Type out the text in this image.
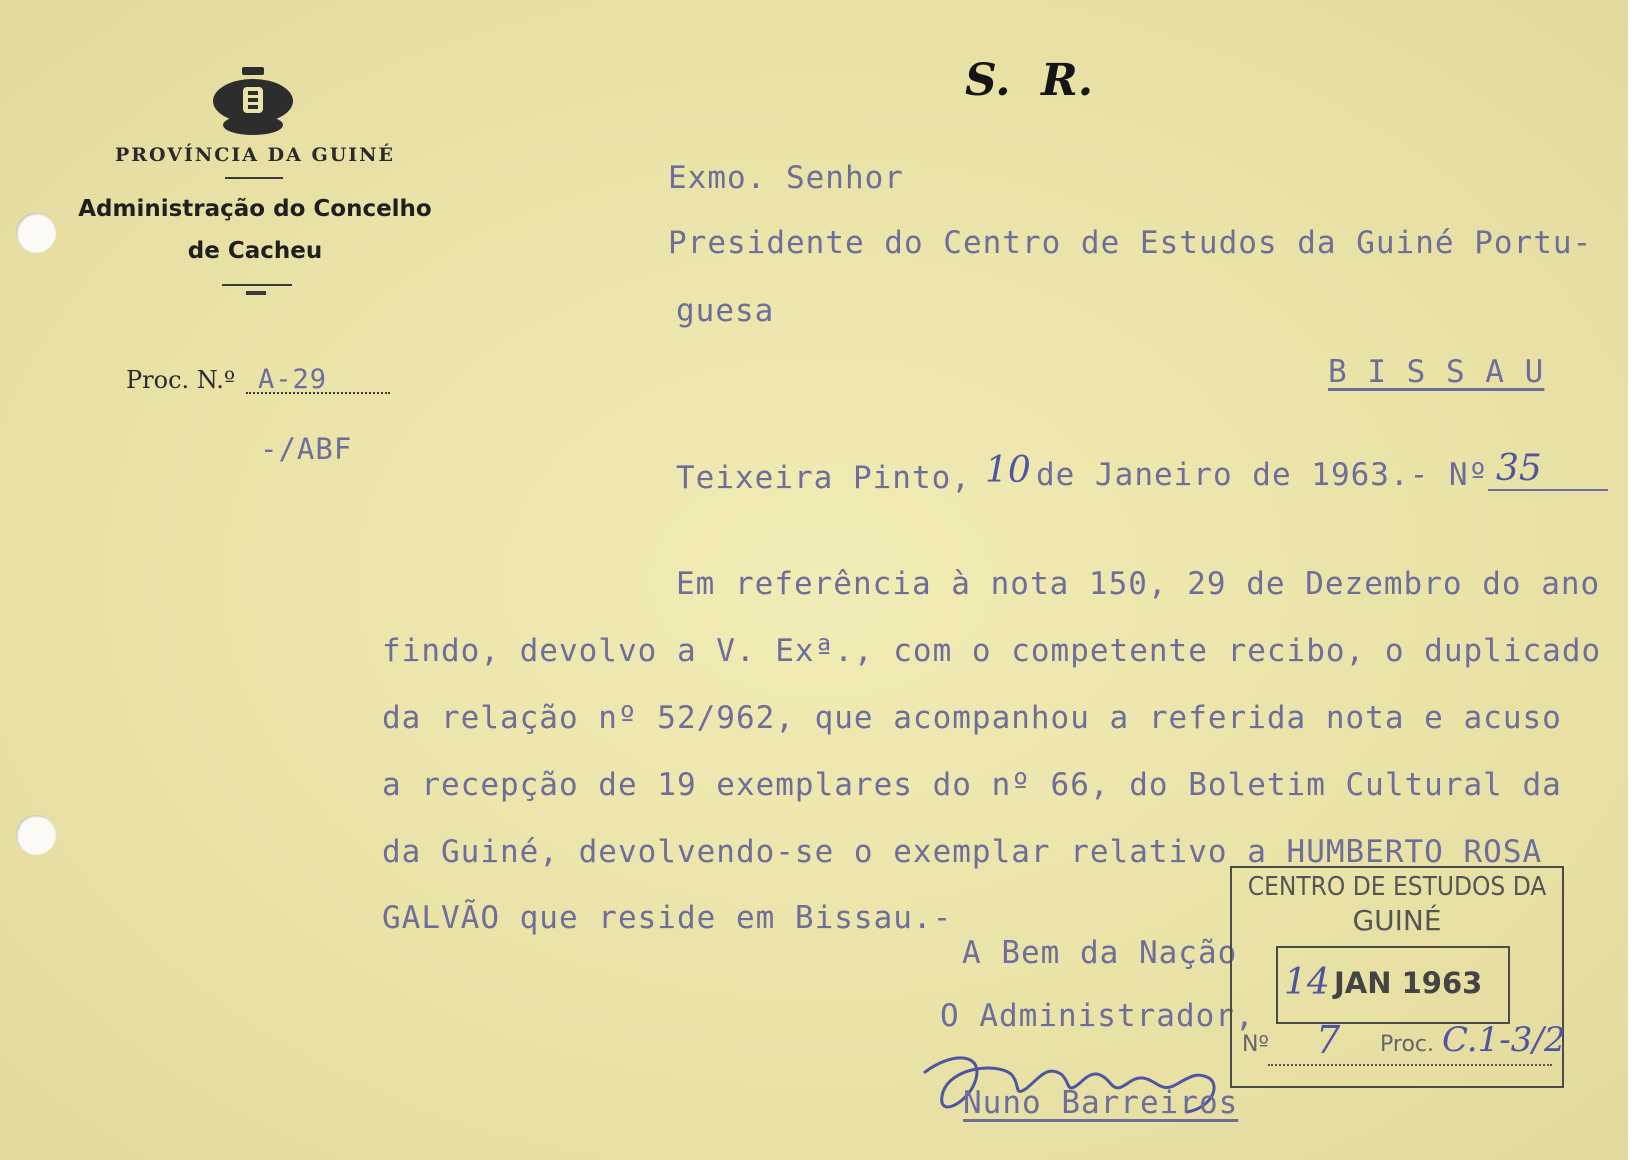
PROVÍNCIA DA GUINÉ
Administração do Concelho
de Cacheu
Proc. N.º A-29
-/ABF
S.  R.
Exmo. Senhor
Presidente do Centro de Estudos da Guiné Portu-
guesa
B I S S A U
Teixeira Pinto, 10 de Janeiro de 1963.- Nº 35
Em referência à nota 150, 29 de Dezembro do ano
findo, devolvo a V. Exª., com o competente recibo, o duplicado
da relação nº 52/962, que acompanhou a referida nota e acuso
a recepção de 19 exemplares do nº 66, do Boletim Cultural da
da Guiné, devolvendo-se o exemplar relativo a HUMBERTO ROSA
GALVÃO que reside em Bissau.-
A Bem da Nação
O Administrador,
Nuno Barreiros
CENTRO DE ESTUDOS DA
GUINÉ
14 JAN 1963
Nº 7 Proc. C.1-3/2
